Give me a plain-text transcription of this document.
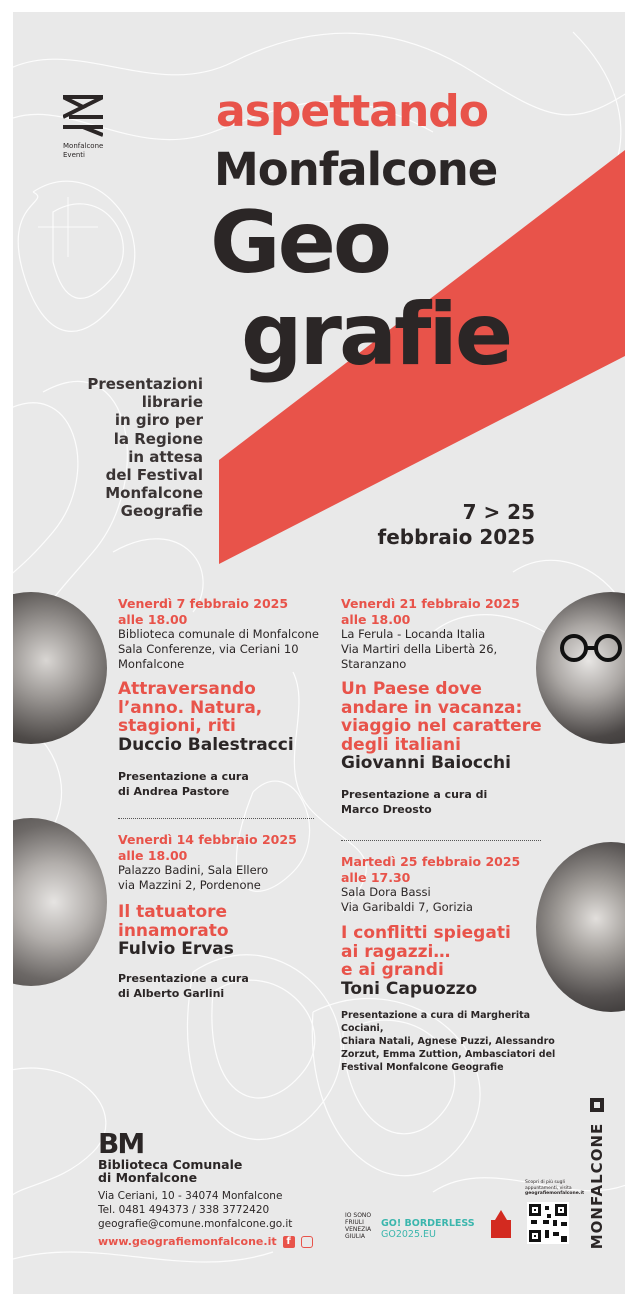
Monfalcone
Eventi
aspettando
Monfalcone
Geo
grafie
Presentazioni
librarie
in giro per
la Regione
in attesa
del Festival
Monfalcone
Geografie	7 > 25
febbraio 2025
Venerdì 7 febbraio 2025
alle 18.00
Biblioteca comunale di Monfalcone
Sala Conferenze, via Ceriani 10
Monfalcone
Attraversando
l’anno. Natura,
stagioni, riti
Duccio Balestracci
Presentazione a cura
di Andrea Pastore
Venerdì 14 febbraio 2025
alle 18.00
Palazzo Badini, Sala Ellero
via Mazzini 2, Pordenone
Il tatuatore
innamorato
Fulvio Ervas
Presentazione a cura
di Alberto Garlini
Venerdì 21 febbraio 2025
alle 18.00
La Ferula - Locanda Italia
Via Martiri della Libertà 26,
Staranzano
Un Paese dove
andare in vacanza:
viaggio nel carattere
degli italiani
Giovanni Baiocchi
Presentazione a cura di
Marco Dreosto
Martedì 25 febbraio 2025
alle 17.30
Sala Dora Bassi
Via Garibaldi 7, Gorizia
I conflitti spiegati
ai ragazzi…
e ai grandi
Toni Capuozzo
Presentazione a cura di Margherita Cociani,
Chiara Natali, Agnese Puzzi, Alessandro
Zorzut, Emma Zuttion, Ambasciatori del
Festival Monfalcone Geografie
BM
Biblioteca Comunale
di Monfalcone
Via Ceriani, 10 - 34074 Monfalcone
Tel. 0481 494373 / 338 3772420
geografie@comune.monfalcone.go.it
www.geografiemonfalcone.it f
IO SONO
FRIULI
VENEZIA
GIULIA
GO! BORDERLESS
GO2025.EU
Scopri di più sugli
appuntamenti, visita
geografiemonfalcone.it MONFALCONE
